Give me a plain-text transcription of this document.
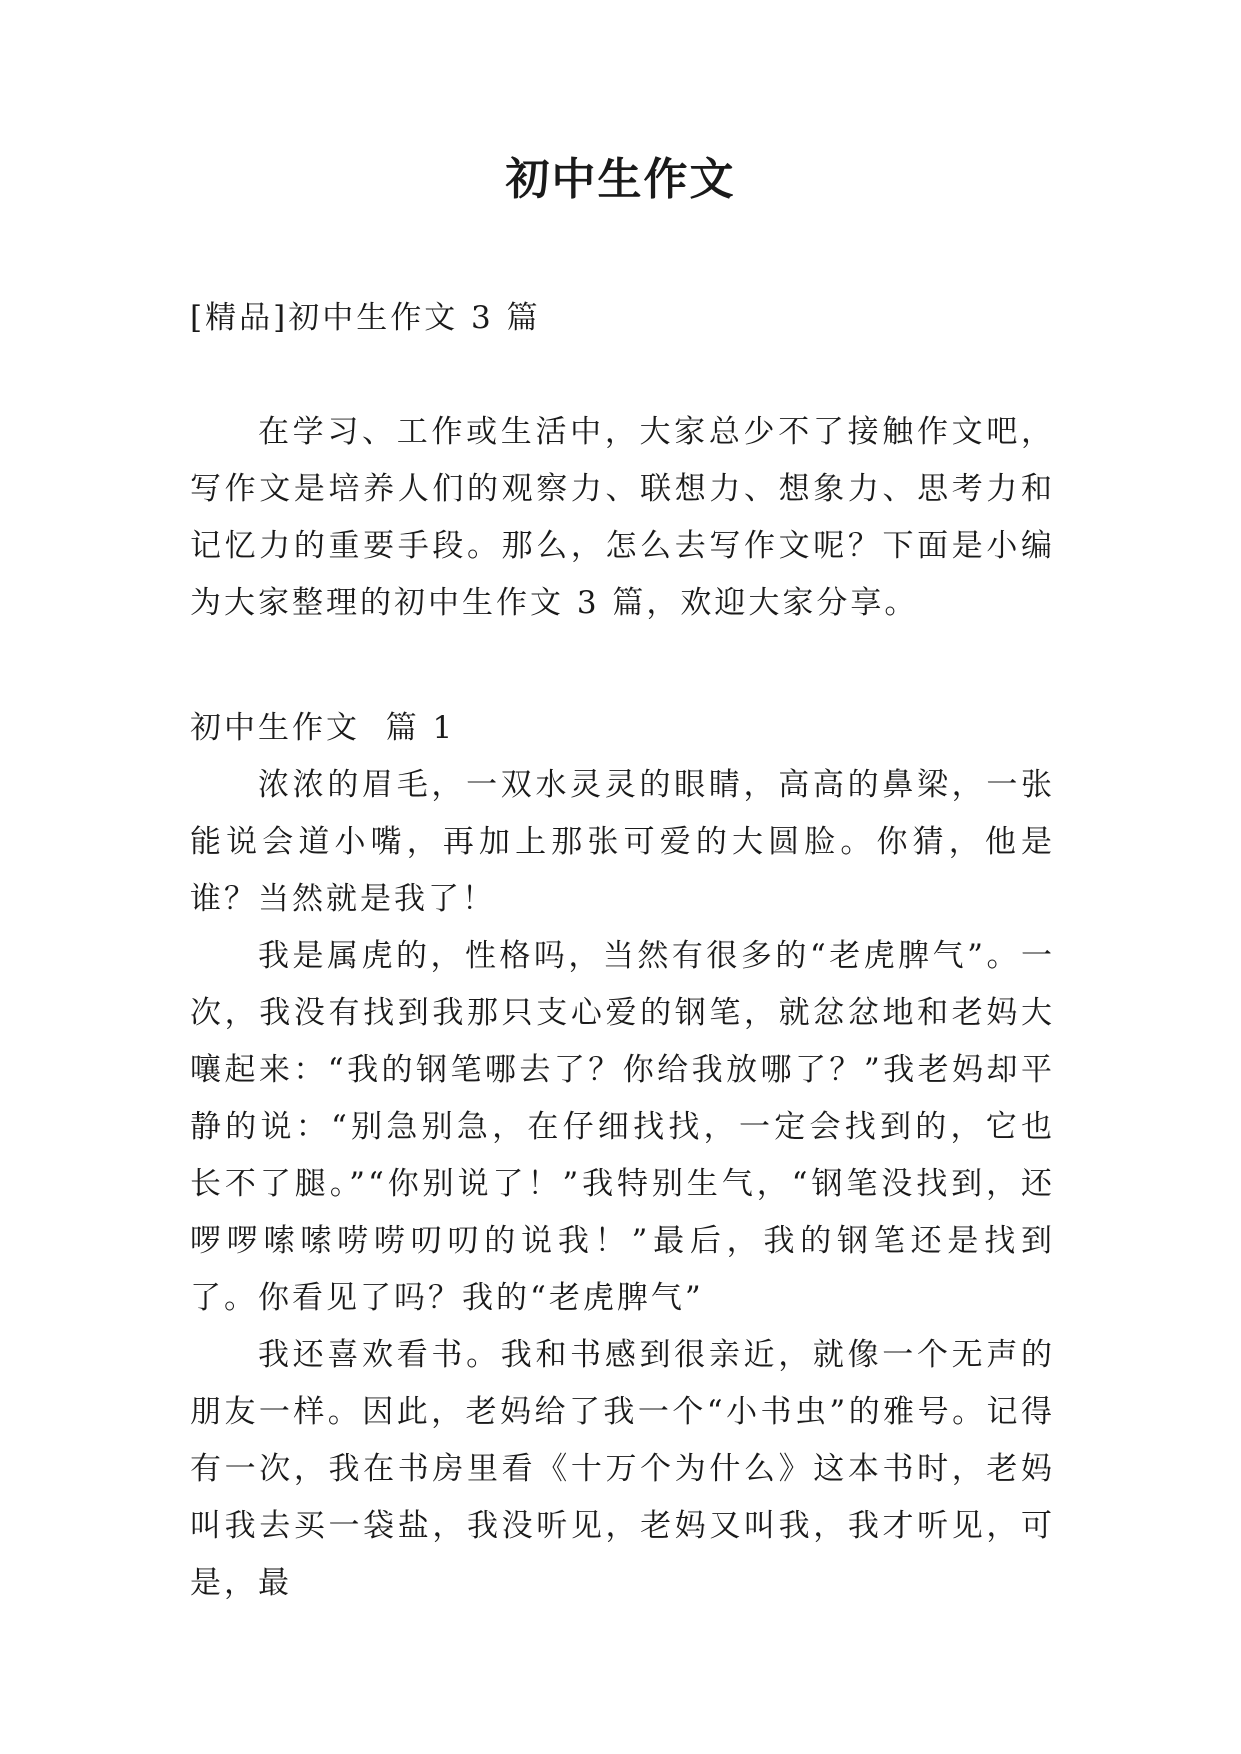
初中生作文
[精品]初中生作文 3 篇

在学习、工作或生活中，大家总少不了接触作文吧，写作文是培养人们的观察力、联想力、想象力、思考力和记忆力的重要手段。那么，怎么去写作文呢？下面是小编为大家整理的初中生作文 3 篇，欢迎大家分享。

初中生作文  篇 1

浓浓的眉毛，一双水灵灵的眼睛，高高的鼻梁，一张能说会道小嘴，再加上那张可爱的大圆脸。你猜，他是谁？当然就是我了！

我是属虎的，性格吗，当然有很多的“老虎脾气”。一次，我没有找到我那只支心爱的钢笔，就忿忿地和老妈大嚷起来：“我的钢笔哪去了？你给我放哪了？”我老妈却平静的说：“别急别急，在仔细找找，一定会找到的，它也长不了腿。”“你别说了！”我特别生气，“钢笔没找到，还啰啰嗦嗦唠唠叨叨的说我！”最后，我的钢笔还是找到了。你看见了吗？我的“老虎脾气”

我还喜欢看书。我和书感到很亲近，就像一个无声的朋友一样。因此，老妈给了我一个“小书虫”的雅号。记得有一次，我在书房里看《十万个为什么》这本书时，老妈叫我去买一袋盐，我没听见，老妈又叫我，我才听见，可是，最
